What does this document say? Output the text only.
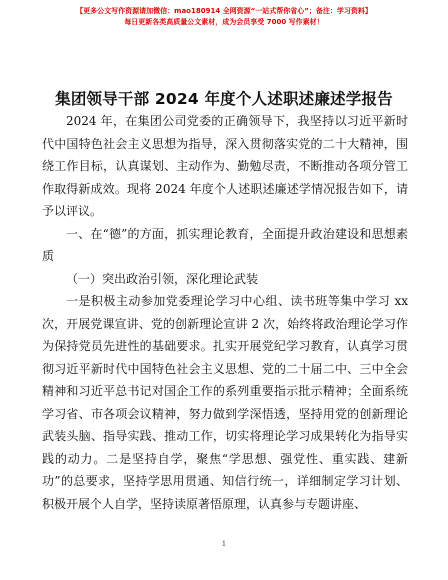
【更多公文写作资源请加微信：mao180914 全网资源“一站式帮你省心”；备注：学习资料】
每日更新各类高质量公文素材，成为会员享受 7000 写作素材！
集团领导干部 2024 年度个人述职述廉述学报告

2024 年，在集团公司党委的正确领导下，我坚持以习近平新时代中国特色社会主义思想为指导，深入贯彻落实党的二十大精神，围绕工作目标，认真谋划、主动作为、勤勉尽责，不断推动各项分管工作取得新成效。现将 2024 年度个人述职述廉述学情况报告如下，请予以评议。

一、在“德”的方面，抓实理论教育，全面提升政治建设和思想素质

（一）突出政治引领，深化理论武装

一是积极主动参加党委理论学习中心组、读书班等集中学习 xx 次，开展党课宣讲、党的创新理论宣讲 2 次，始终将政治理论学习作为保持党员先进性的基础要求。扎实开展党纪学习教育，认真学习贯彻习近平新时代中国特色社会主义思想、党的二十届二中、三中全会精神和习近平总书记对国企工作的系列重要指示批示精神；全面系统学习省、市各项会议精神，努力做到学深悟透，坚持用党的创新理论武装头脑、指导实践、推动工作，切实将理论学习成果转化为指导实践的动力。二是坚持自学，聚焦“学思想、强党性、重实践、建新功”的总要求，坚持学思用贯通、知信行统一，详细制定学习计划、积极开展个人自学，坚持读原著悟原理，认真参与专题讲座、

1
